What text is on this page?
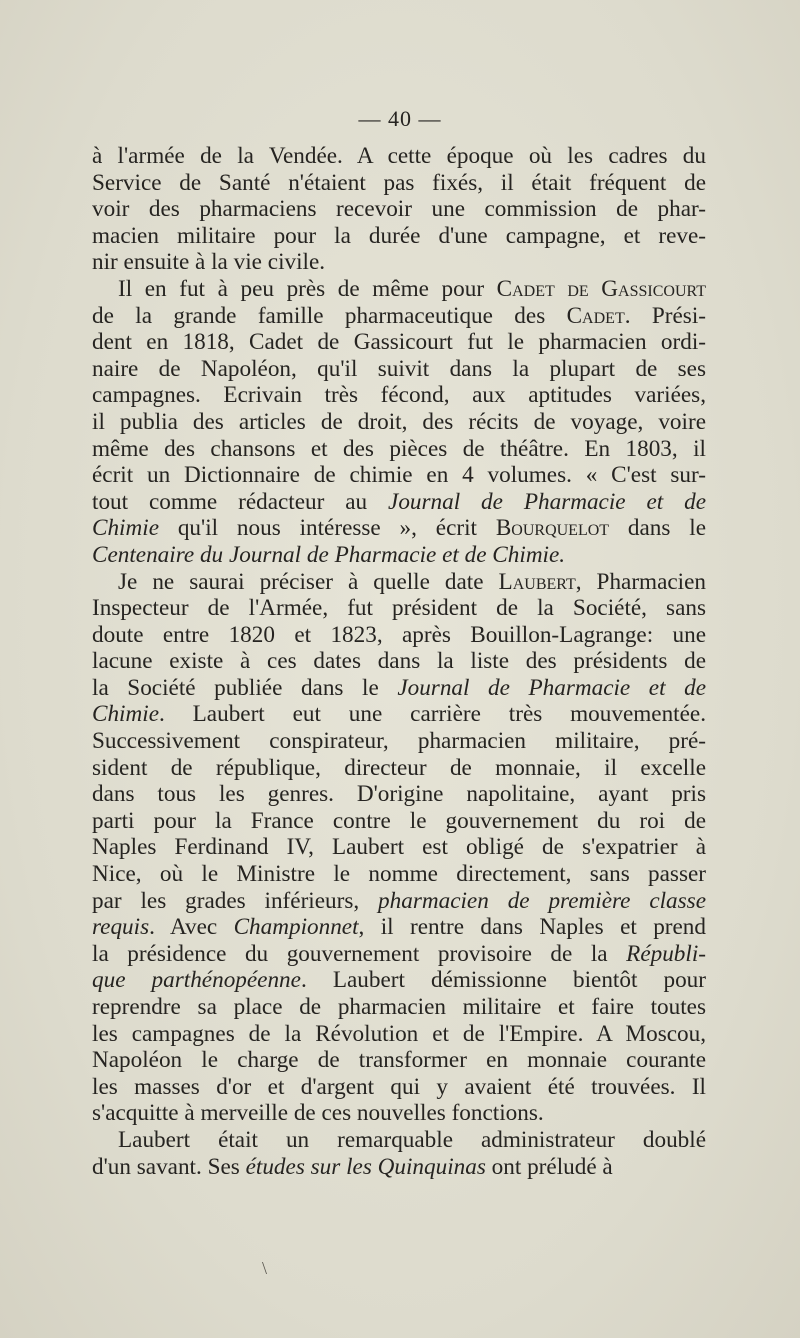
— 40 —
à l'armée de la Vendée. A cette époque où les cadres du
Service de Santé n'étaient pas fixés, il était fréquent de
voir des pharmaciens recevoir une commission de phar-
macien militaire pour la durée d'une campagne, et reve-
nir ensuite à la vie civile.
Il en fut à peu près de même pour Cadet de Gassicourt
de la grande famille pharmaceutique des Cadet. Prési-
dent en 1818, Cadet de Gassicourt fut le pharmacien ordi-
naire de Napoléon, qu'il suivit dans la plupart de ses
campagnes. Ecrivain très fécond, aux aptitudes variées,
il publia des articles de droit, des récits de voyage, voire
même des chansons et des pièces de théâtre. En 1803, il
écrit un Dictionnaire de chimie en 4 volumes. « C'est sur-
tout comme rédacteur au Journal de Pharmacie et de
Chimie qu'il nous intéresse », écrit Bourquelot dans le
Centenaire du Journal de Pharmacie et de Chimie.
Je ne saurai préciser à quelle date Laubert, Pharmacien
Inspecteur de l'Armée, fut président de la Société, sans
doute entre 1820 et 1823, après Bouillon-Lagrange: une
lacune existe à ces dates dans la liste des présidents de
la Société publiée dans le Journal de Pharmacie et de
Chimie. Laubert eut une carrière très mouvementée.
Successivement conspirateur, pharmacien militaire, pré-
sident de république, directeur de monnaie, il excelle
dans tous les genres. D'origine napolitaine, ayant pris
parti pour la France contre le gouvernement du roi de
Naples Ferdinand IV, Laubert est obligé de s'expatrier à
Nice, où le Ministre le nomme directement, sans passer
par les grades inférieurs, pharmacien de première classe
requis. Avec Championnet, il rentre dans Naples et prend
la présidence du gouvernement provisoire de la Républi-
que parthénopéenne. Laubert démissionne bientôt pour
reprendre sa place de pharmacien militaire et faire toutes
les campagnes de la Révolution et de l'Empire. A Moscou,
Napoléon le charge de transformer en monnaie courante
les masses d'or et d'argent qui y avaient été trouvées. Il
s'acquitte à merveille de ces nouvelles fonctions.
Laubert était un remarquable administrateur doublé
d'un savant. Ses études sur les Quinquinas ont préludé à
\
